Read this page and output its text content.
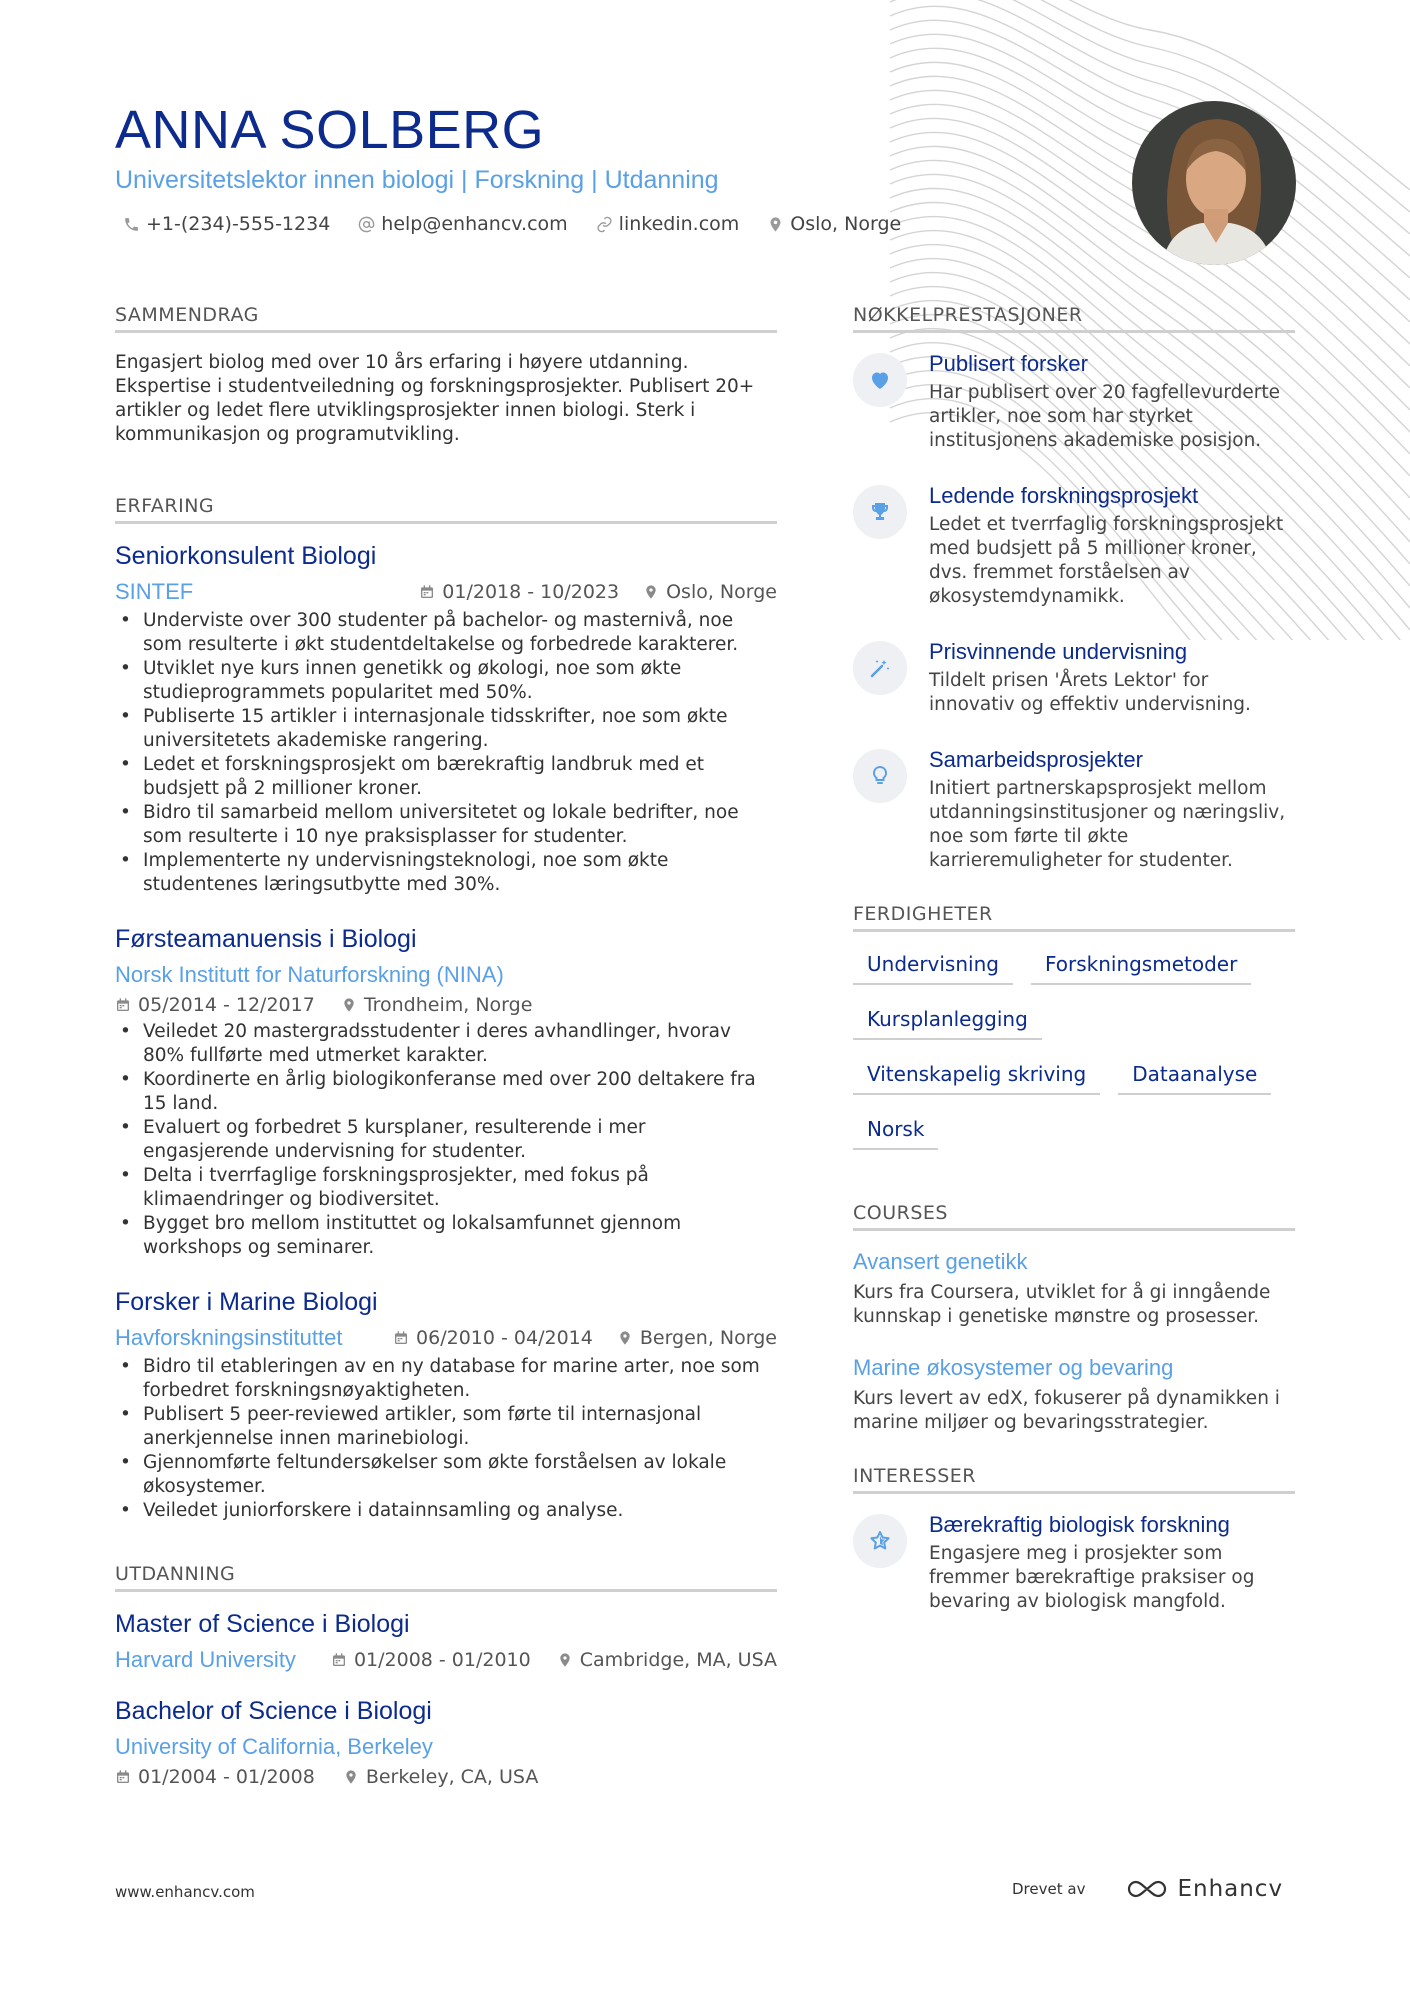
ANNA SOLBERG
Universitetslektor innen biologi | Forskning | Utdanning
+1-(234)-555-1234	help@enhancv.com	linkedin.com	Oslo, Norge
SAMMENDRAG
Engasjert biolog med over 10 års erfaring i høyere utdanning. Ekspertise i studentveiledning og forskningsprosjekter. Publisert 20+ artikler og ledet flere utviklingsprosjekter innen biologi. Sterk i kommunikasjon og programutvikling.
ERFARING
Seniorkonsulent Biologi
SINTEF	01/2018 - 10/2023 Oslo, Norge
• Underviste over 300 studenter på bachelor- og masternivå, noe som resulterte i økt studentdeltakelse og forbedrede karakterer.
• Utviklet nye kurs innen genetikk og økologi, noe som økte studieprogrammets popularitet med 50%.
• Publiserte 15 artikler i internasjonale tidsskrifter, noe som økte universitetets akademiske rangering.
• Ledet et forskningsprosjekt om bærekraftig landbruk med et budsjett på 2 millioner kroner.
• Bidro til samarbeid mellom universitetet og lokale bedrifter, noe som resulterte i 10 nye praksisplasser for studenter.
• Implementerte ny undervisningsteknologi, noe som økte studentenes læringsutbytte med 30%.
Førsteamanuensis i Biologi
Norsk Institutt for Naturforskning (NINA)
05/2014 - 12/2017	Trondheim, Norge
• Veiledet 20 mastergradsstudenter i deres avhandlinger, hvorav 80% fullførte med utmerket karakter.
• Koordinerte en årlig biologikonferanse med over 200 deltakere fra 15 land.
• Evaluert og forbedret 5 kursplaner, resulterende i mer engasjerende undervisning for studenter.
• Delta i tverrfaglige forskningsprosjekter, med fokus på klimaendringer og biodiversitet.
• Bygget bro mellom instituttet og lokalsamfunnet gjennom workshops og seminarer.
Forsker i Marine Biologi
Havforskningsinstituttet	06/2010 - 04/2014 Bergen, Norge
• Bidro til etableringen av en ny database for marine arter, noe som forbedret forskningsnøyaktigheten.
• Publisert 5 peer-reviewed artikler, som førte til internasjonal anerkjennelse innen marinebiologi.
• Gjennomførte feltundersøkelser som økte forståelsen av lokale økosystemer.
• Veiledet juniorforskere i datainnsamling og analyse.
UTDANNING
Master of Science i Biologi
Harvard University	01/2008 - 01/2010	Cambridge, MA, USA
Bachelor of Science i Biologi
University of California, Berkeley
01/2004 - 01/2008	Berkeley, CA, USA
NØKKELPRESTASJONER
Publisert forsker
Har publisert over 20 fagfellevurderte artikler, noe som har styrket institusjonens akademiske posisjon.
Ledende forskningsprosjekt
Ledet et tverrfaglig forskningsprosjekt med budsjett på 5 millioner kroner, dvs. fremmet forståelsen av økosystemdynamikk.
Prisvinnende undervisning
Tildelt prisen 'Årets Lektor' for innovativ og effektiv undervisning.
Samarbeidsprosjekter
Initiert partnerskapsprosjekt mellom utdanningsinstitusjoner og næringsliv, noe som førte til økte karrieremuligheter for studenter.
FERDIGHETER
Undervisning	Forskningsmetoder
Kursplanlegging
Vitenskapelig skriving	Dataanalyse
Norsk
COURSES
Avansert genetikk
Kurs fra Coursera, utviklet for å gi inngående kunnskap i genetiske mønstre og prosesser.
Marine økosystemer og bevaring
Kurs levert av edX, fokuserer på dynamikken i marine miljøer og bevaringsstrategier.
INTERESSER
Bærekraftig biologisk forskning
Engasjere meg i prosjekter som fremmer bærekraftige praksiser og bevaring av biologisk mangfold.
www.enhancv.com	Drevet av	Enhancv
